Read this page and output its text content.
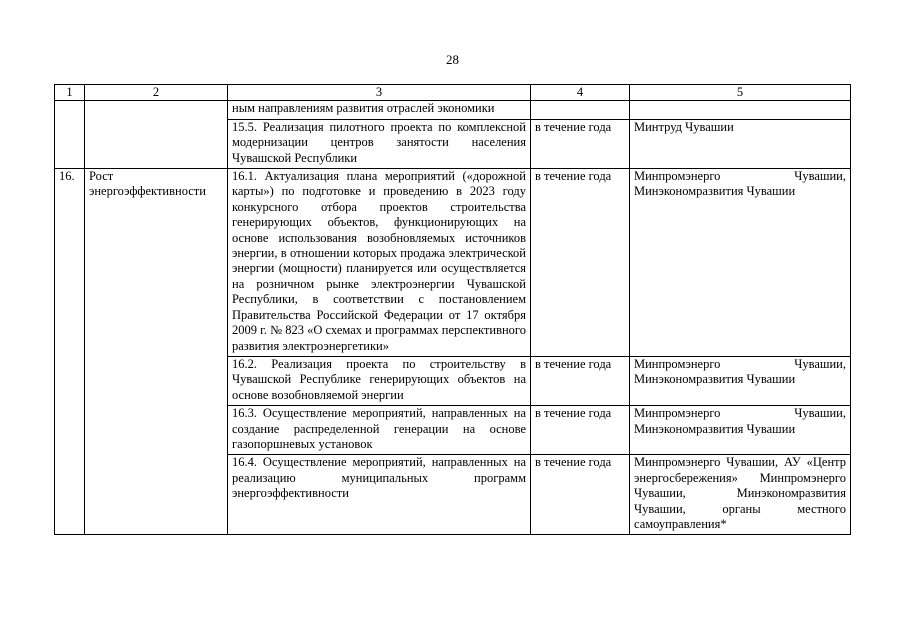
28
1	2	3	4	5
		ным направлениям развития отраслей экономики		
		15.5. Реализация пилотного проекта по комплексной модернизации центров занятости населения Чувашской Республики	в течение года	Минтруд Чувашии
16.	Рост энергоэффективности	16.1. Актуализация плана мероприятий («дорожной карты») по подготовке и проведению в 2023 году конкурсного отбора проектов строительства генерирующих объектов, функционирующих на основе использования возобновляемых источников энергии, в отношении которых продажа электрической энергии (мощности) планируется или осуществляется на розничном рынке электроэнергии Чувашской Республики, в соответствии с постановлением Правительства Российской Федерации от 17 октября 2009 г. № 823 «О схемах и программах перспективного развития электроэнергетики»	в течение года	Минпромэнерго Чувашии, Минэкономразвития Чувашии
		16.2. Реализация проекта по строительству в Чувашской Республике генерирующих объектов на основе возобновляемой энергии	в течение года	Минпромэнерго Чувашии, Минэкономразвития Чувашии
		16.3. Осуществление мероприятий, направленных на создание распределенной генерации на основе газопоршневых установок	в течение года	Минпромэнерго Чувашии, Минэкономразвития Чувашии
		16.4. Осуществление мероприятий, направленных на реализацию муниципальных программ энергоэффективности	в течение года	Минпромэнерго Чувашии, АУ «Центр энергосбережения» Минпромэнерго Чувашии, Минэкономразвития Чувашии, органы местного самоуправления*
